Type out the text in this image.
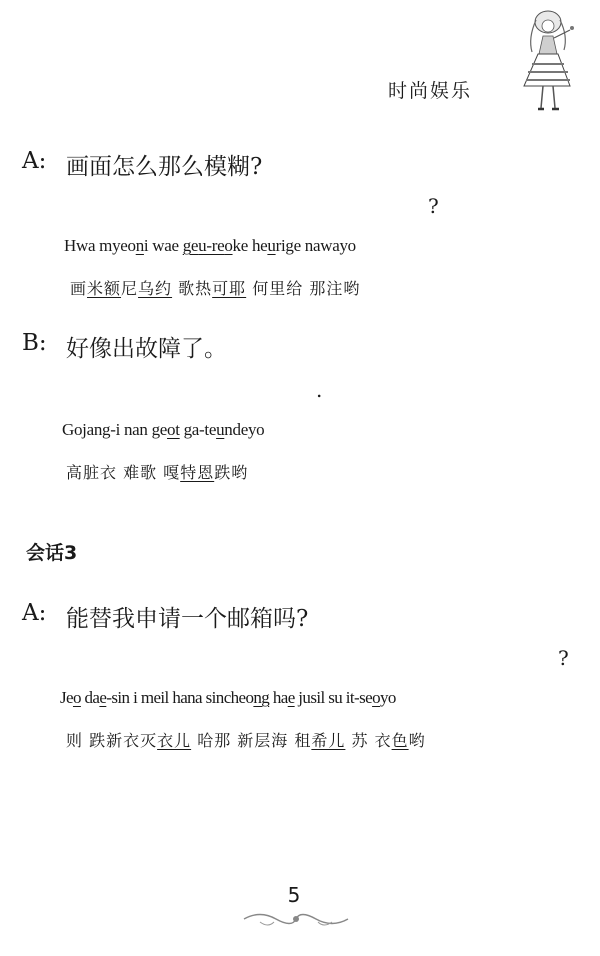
时尚娱乐
A: 画面怎么那么模糊?
?
Hwa myeoni wae geu-reoke heurige nawayo
画米额尼乌约 歌热可耶 何里给 那注哟
B: 好像出故障了。
.
Gojang-i nan geot ga-teundeyo
高脏衣 难歌 嘎特恩跌哟
会话3
A: 能替我申请一个邮箱吗?
?
Jeo dae-sin i meil hana sincheong hae jusil su it-seoyo
则 跌新衣灭衣儿 哈那 新层海 租希儿 苏 衣色哟
5
